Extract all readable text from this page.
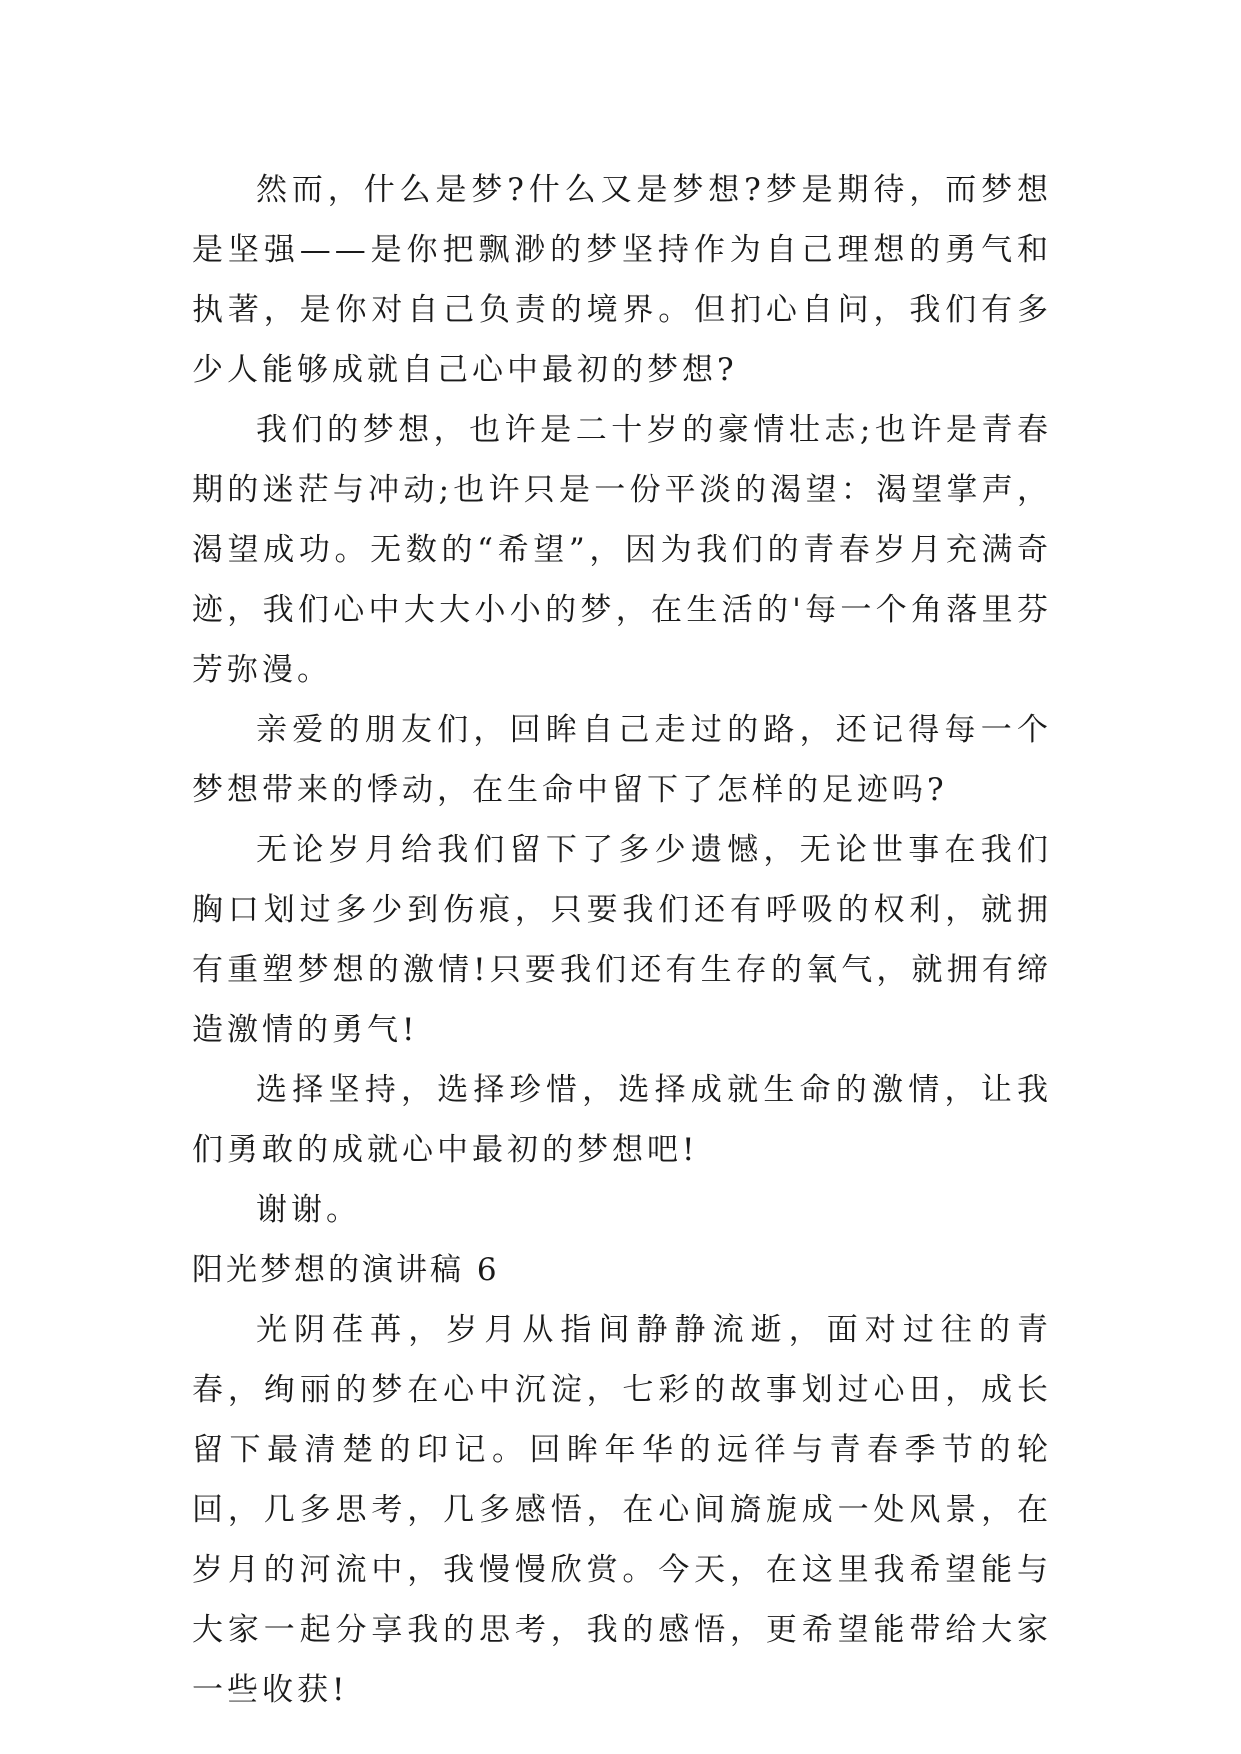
然而，什么是梦?什么又是梦想?梦是期待，而梦想是坚强——是你把飘渺的梦坚持作为自己理想的勇气和执著，是你对自己负责的境界。但扪心自问，我们有多少人能够成就自己心中最初的梦想?

我们的梦想，也许是二十岁的豪情壮志;也许是青春期的迷茫与冲动;也许只是一份平淡的渴望：渴望掌声，渴望成功。无数的“希望”，因为我们的青春岁月充满奇迹，我们心中大大小小的梦，在生活的'每一个角落里芬芳弥漫。

亲爱的朋友们，回眸自己走过的路，还记得每一个梦想带来的悸动，在生命中留下了怎样的足迹吗?

无论岁月给我们留下了多少遗憾，无论世事在我们胸口划过多少到伤痕，只要我们还有呼吸的权利，就拥有重塑梦想的激情!只要我们还有生存的氧气，就拥有缔造激情的勇气!

选择坚持，选择珍惜，选择成就生命的激情，让我们勇敢的成就心中最初的梦想吧!

谢谢。

阳光梦想的演讲稿 6

光阴荏苒，岁月从指间静静流逝，面对过往的青春，绚丽的梦在心中沉淀，七彩的故事划过心田，成长留下最清楚的印记。回眸年华的远徉与青春季节的轮回，几多思考，几多感悟，在心间旖旎成一处风景，在岁月的河流中，我慢慢欣赏。今天，在这里我希望能与大家一起分享我的思考，我的感悟，更希望能带给大家一些收获!
